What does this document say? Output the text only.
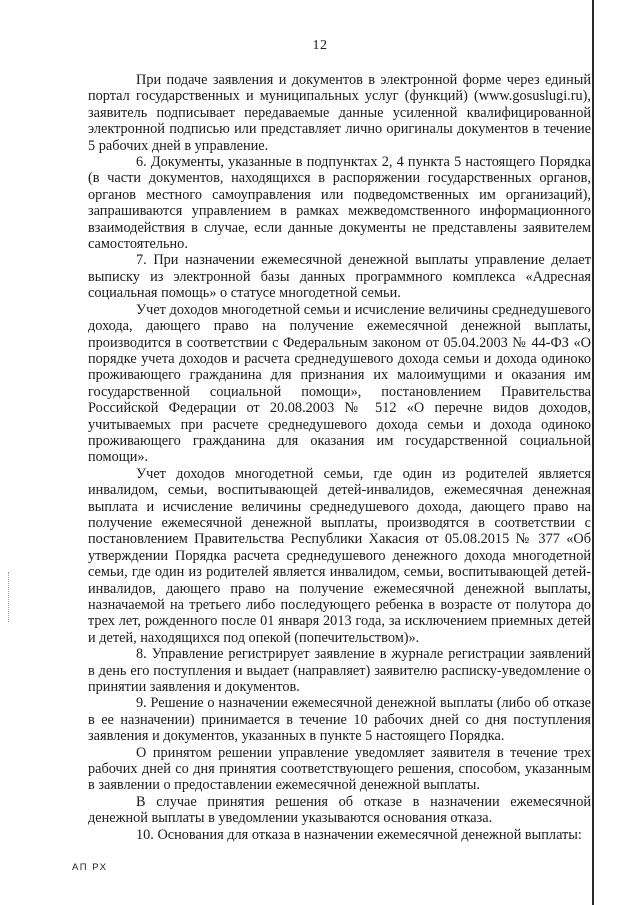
12

При подаче заявления и документов в электронной форме через единый портал государственных и муниципальных услуг (функций) (www.gosuslugi.ru), заявитель подписывает передаваемые данные усиленной квалифицированной электронной подписью или представляет лично оригиналы документов в течение 5 рабочих дней в управление.

6. Документы, указанные в подпунктах 2, 4 пункта 5 настоящего Порядка (в части документов, находящихся в распоряжении государственных органов, органов местного самоуправления или подведомственных им организаций), запрашиваются управлением в рамках межведомственного информационного взаимодействия в случае, если данные документы не представлены заявителем самостоятельно.

7. При назначении ежемесячной денежной выплаты управление делает выписку из электронной базы данных программного комплекса «Адресная социальная помощь» о статусе многодетной семьи.

Учет доходов многодетной семьи и исчисление величины среднедушевого дохода, дающего право на получение ежемесячной денежной выплаты, производится в соответствии с Федеральным законом от 05.04.2003 № 44-ФЗ «О порядке учета доходов и расчета среднедушевого дохода семьи и дохода одиноко проживающего гражданина для признания их малоимущими и оказания им государственной социальной помощи», постановлением Правительства Российской Федерации от 20.08.2003 № 512 «О перечне видов доходов, учитываемых при расчете среднедушевого дохода семьи и дохода одиноко проживающего гражданина для оказания им государственной социальной помощи».

Учет доходов многодетной семьи, где один из родителей является инвалидом, семьи, воспитывающей детей-инвалидов, ежемесячная денежная выплата и исчисление величины среднедушевого дохода, дающего право на получение ежемесячной денежной выплаты, производятся в соответствии с постановлением Правительства Республики Хакасия от 05.08.2015 № 377 «Об утверждении Порядка расчета среднедушевого денежного дохода многодетной семьи, где один из родителей является инвалидом, семьи, воспитывающей детей-инвалидов, дающего право на получение ежемесячной денежной выплаты, назначаемой на третьего либо последующего ребенка в возрасте от полутора до трех лет, рожденного после 01 января 2013 года, за исключением приемных детей и детей, находящихся под опекой (попечительством)».

8. Управление регистрирует заявление в журнале регистрации заявлений в день его поступления и выдает (направляет) заявителю расписку-уведомление о принятии заявления и документов.

9. Решение о назначении ежемесячной денежной выплаты (либо об отказе в ее назначении) принимается в течение 10 рабочих дней со дня поступления заявления и документов, указанных в пункте 5 настоящего Порядка.

О принятом решении управление уведомляет заявителя в течение трех рабочих дней со дня принятия соответствующего решения, способом, указанным в заявлении о предоставлении ежемесячной денежной выплаты.

В случае принятия решения об отказе в назначении ежемесячной денежной выплаты в уведомлении указываются основания отказа.

10. Основания для отказа в назначении ежемесячной денежной выплаты:

АП РХ
